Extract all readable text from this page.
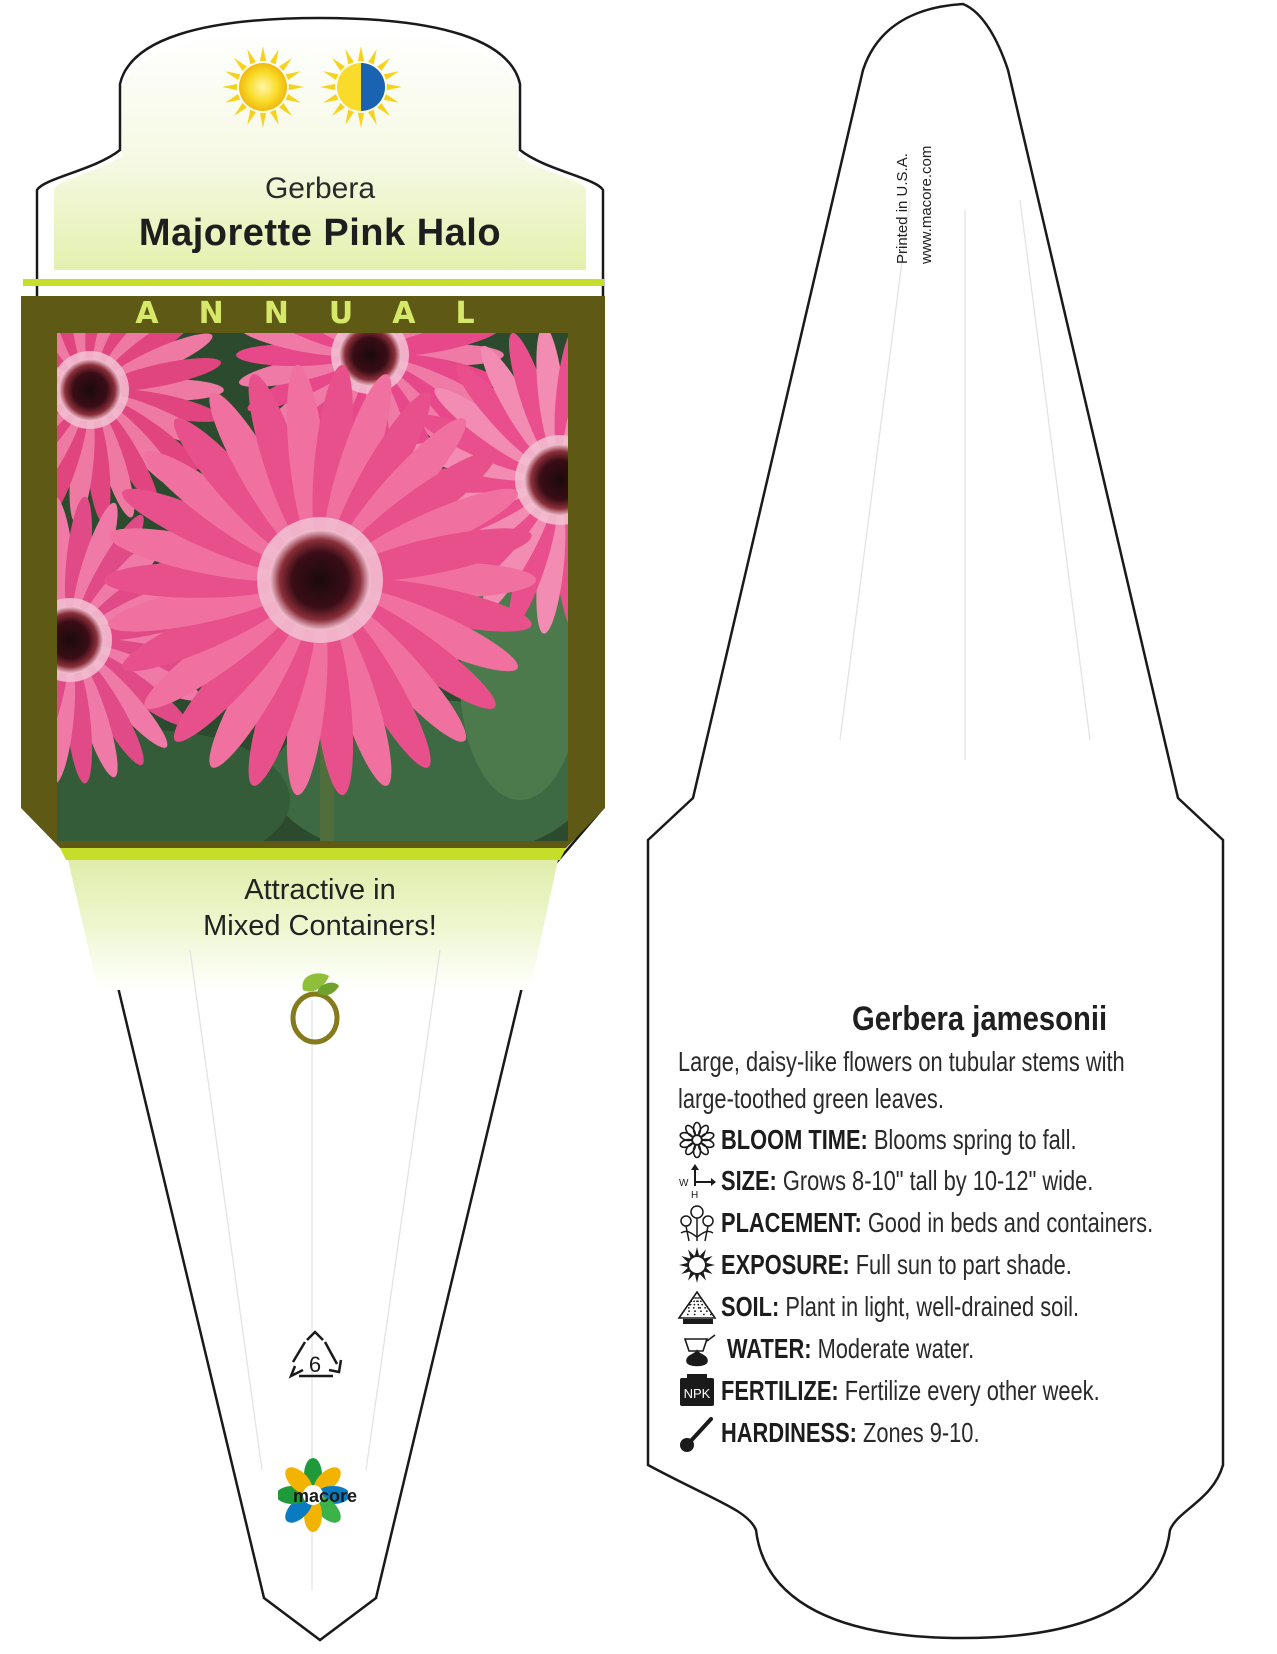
Gerbera
Majorette Pink Halo
ANNUAL
Attractive in
Mixed Containers!
6
macore
Printed in U.S.A. www.macore.com
Gerbera jamesonii
Large, daisy-like flowers on tubular stems with large-toothed green leaves.
BLOOM TIME: Blooms spring to fall.
W
H SIZE: Grows 8-10" tall by 10-12" wide.
PLACEMENT: Good in beds and containers.
EXPOSURE: Full sun to part shade.
SOIL: Plant in light, well-drained soil.
WATER: Moderate water.
NPK FERTILIZE: Fertilize every other week.
HARDINESS: Zones 9-10.
